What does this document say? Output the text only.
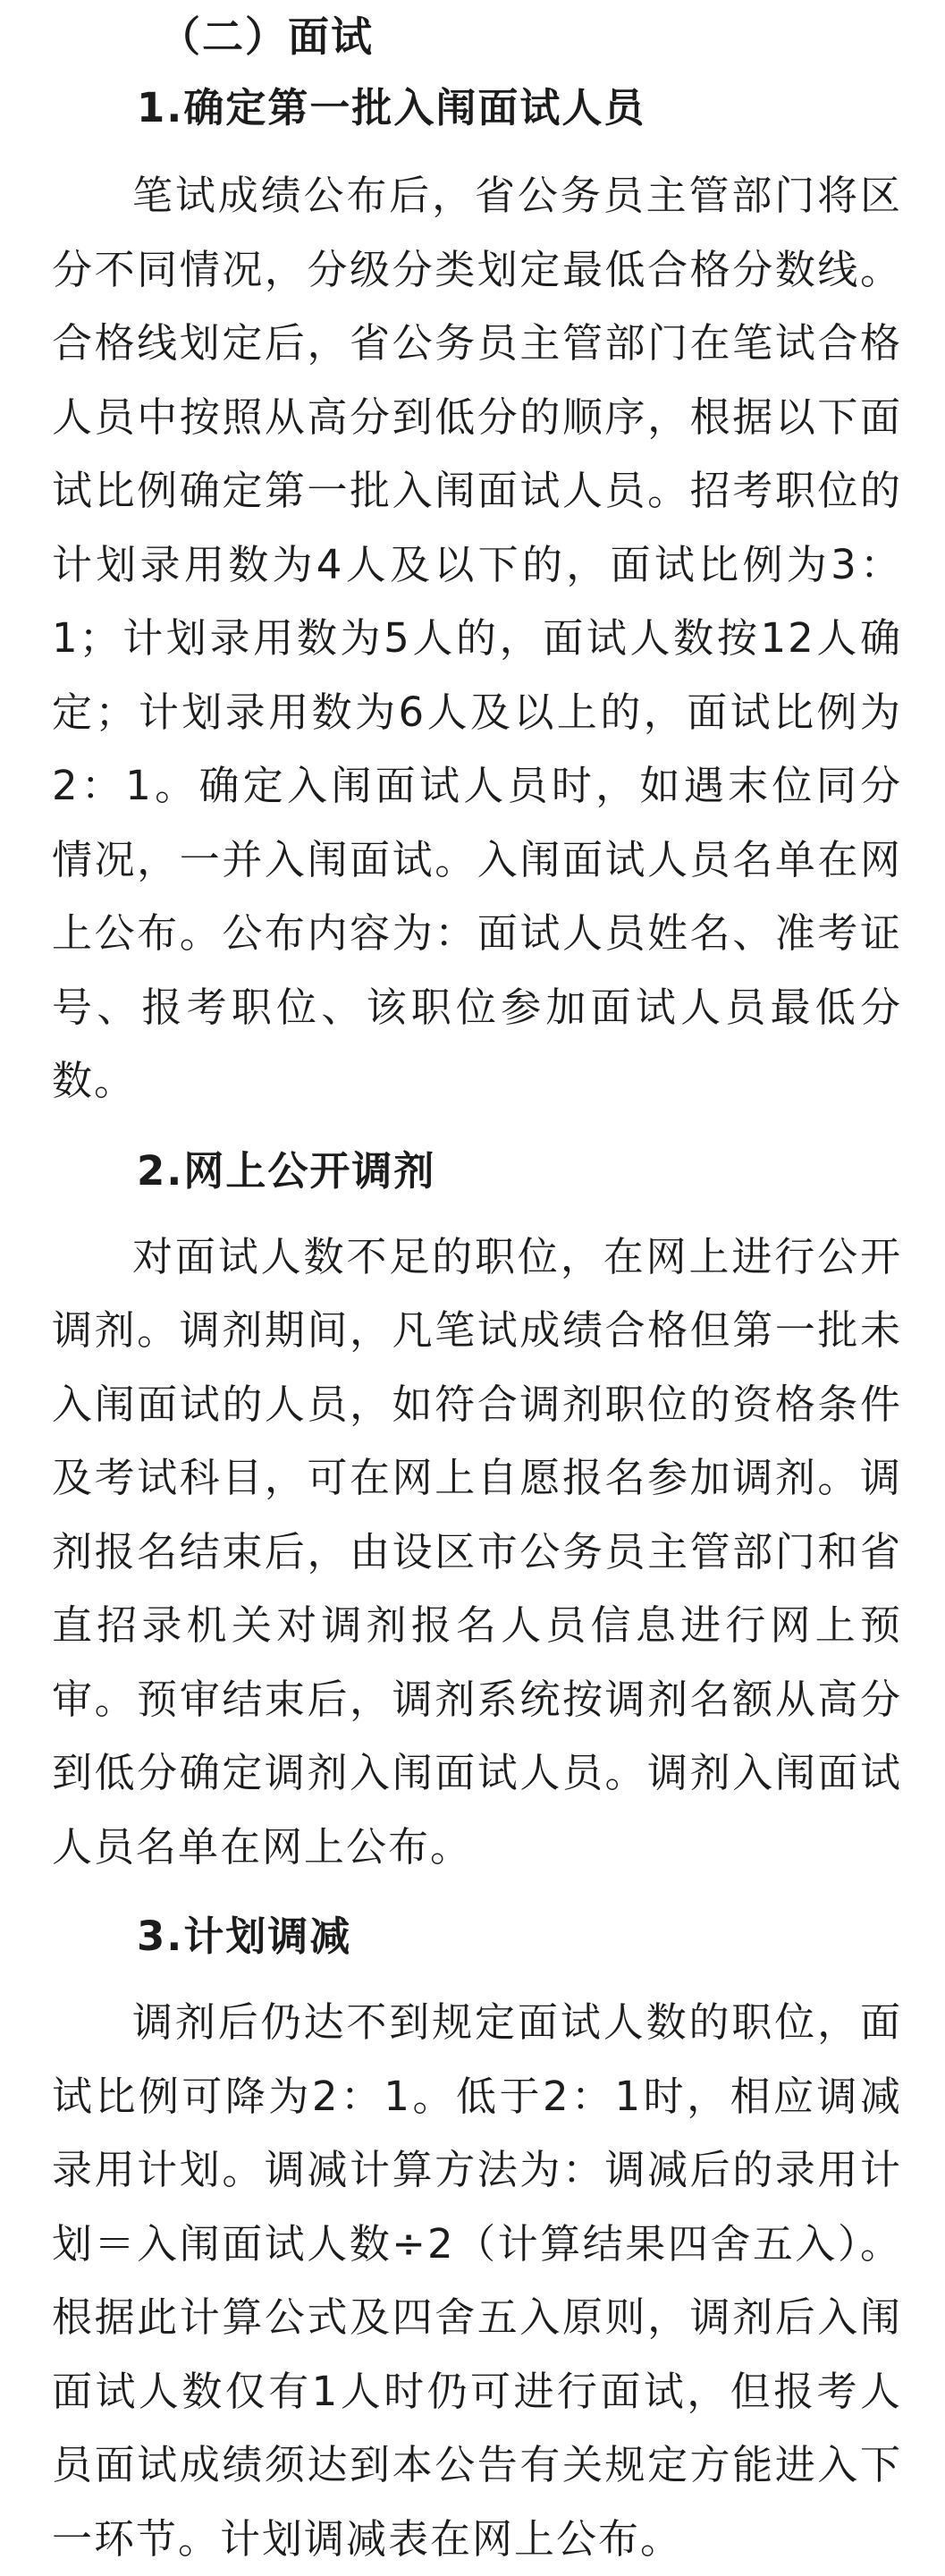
（二）面试
1.确定第一批入闱面试人员

笔试成绩公布后，省公务员主管部门将区分不同情况，分级分类划定最低合格分数线。合格线划定后，省公务员主管部门在笔试合格人员中按照从高分到低分的顺序，根据以下面试比例确定第一批入闱面试人员。招考职位的计划录用数为4人及以下的，面试比例为3：1；计划录用数为5人的，面试人数按12人确定；计划录用数为6人及以上的，面试比例为2：1。确定入闱面试人员时，如遇末位同分情况，一并入闱面试。入闱面试人员名单在网上公布。公布内容为：面试人员姓名、准考证号、报考职位、该职位参加面试人员最低分数。

2.网上公开调剂

对面试人数不足的职位，在网上进行公开调剂。调剂期间，凡笔试成绩合格但第一批未入闱面试的人员，如符合调剂职位的资格条件及考试科目，可在网上自愿报名参加调剂。调剂报名结束后，由设区市公务员主管部门和省直招录机关对调剂报名人员信息进行网上预审。预审结束后，调剂系统按调剂名额从高分到低分确定调剂入闱面试人员。调剂入闱面试人员名单在网上公布。

3.计划调减

调剂后仍达不到规定面试人数的职位，面试比例可降为2：1。低于2：1时，相应调减录用计划。调减计算方法为：调减后的录用计划＝入闱面试人数÷2（计算结果四舍五入）。根据此计算公式及四舍五入原则，调剂后入闱面试人数仅有1人时仍可进行面试，但报考人员面试成绩须达到本公告有关规定方能进入下一环节。计划调减表在网上公布。
